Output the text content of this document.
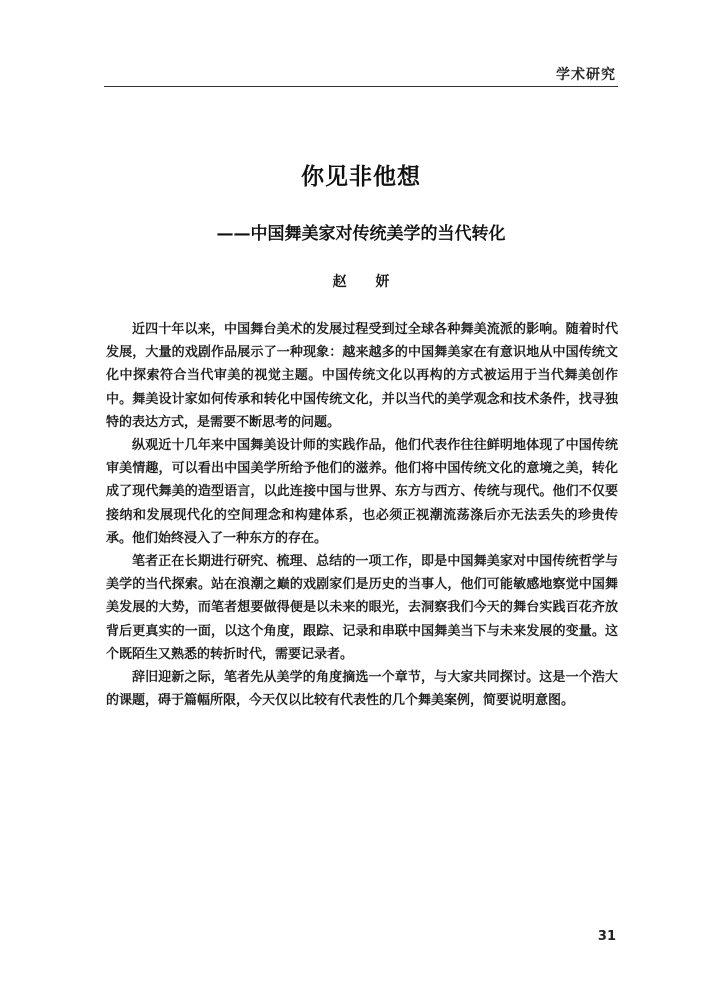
学术研究
你见非他想
——中国舞美家对传统美学的当代转化
赵 妍

近四十年以来，中国舞台美术的发展过程受到过全球各种舞美流派的影响。随着时代发展，大量的戏剧作品展示了一种现象：越来越多的中国舞美家在有意识地从中国传统文化中探索符合当代审美的视觉主题。中国传统文化以再构的方式被运用于当代舞美创作中。舞美设计家如何传承和转化中国传统文化，并以当代的美学观念和技术条件，找寻独特的表达方式，是需要不断思考的问题。

纵观近十几年来中国舞美设计师的实践作品，他们代表作往往鲜明地体现了中国传统审美情趣，可以看出中国美学所给予他们的滋养。他们将中国传统文化的意境之美，转化成了现代舞美的造型语言，以此连接中国与世界、东方与西方、传统与现代。他们不仅要接纳和发展现代化的空间理念和构建体系，也必须正视潮流荡涤后亦无法丢失的珍贵传承。他们始终浸入了一种东方的存在。

笔者正在长期进行研究、梳理、总结的一项工作，即是中国舞美家对中国传统哲学与美学的当代探索。站在浪潮之巅的戏剧家们是历史的当事人，他们可能敏感地察觉中国舞美发展的大势，而笔者想要做得便是以未来的眼光，去洞察我们今天的舞台实践百花齐放背后更真实的一面，以这个角度，跟踪、记录和串联中国舞美当下与未来发展的变量。这个既陌生又熟悉的转折时代，需要记录者。

辞旧迎新之际，笔者先从美学的角度摘选一个章节，与大家共同探讨。这是一个浩大的课题，碍于篇幅所限，今天仅以比较有代表性的几个舞美案例，简要说明意图。

31
